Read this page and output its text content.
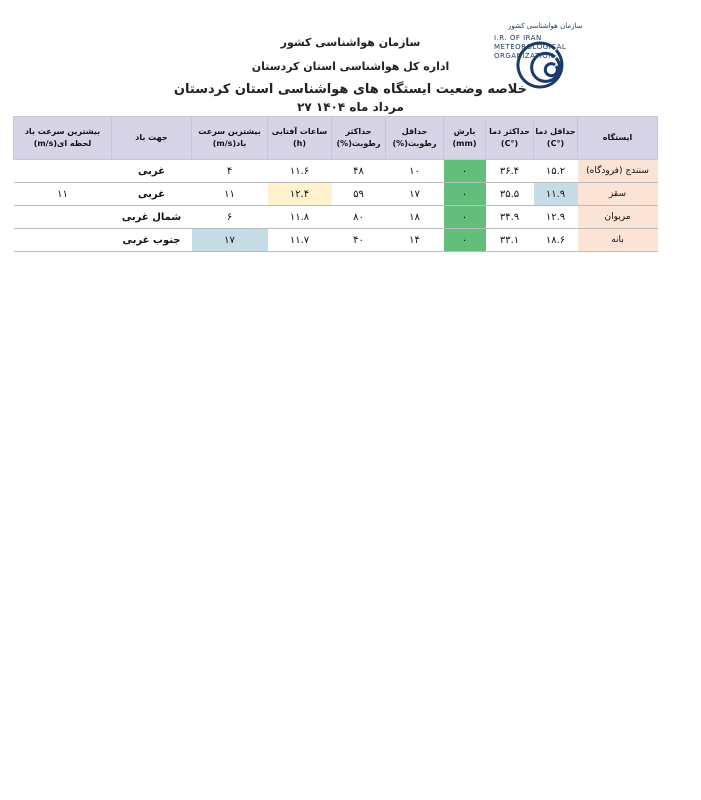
سازمان هواشناسی کشور
I.R. OF IRAN
METEOROLOGICAL
ORGANIZATION
سازمان هواشناسی کشور
اداره کل هواشناسی استان کردستان
خلاصه وضعیت ایستگاه های هواشناسی استان کردستان
۲۷ مرداد ماه ۱۴۰۴
ایستگاه	حداقل دما (°C)	حداکثر دما (°C)	بارش (mm)	حداقل رطوبت(%)	حداکثر رطوبت(%)	ساعات آفتابی (h)	بیشترین سرعت باد(m/s)	جهت باد	بیشترین سرعت باد لحظه ای(m/s)
سنندج (فرودگاه)	۱۵.۲	۳۶.۴	۰	۱۰	۴۸	۱۱.۶	۴	غربی	
سقز	۱۱.۹	۳۵.۵	۰	۱۷	۵۹	۱۲.۴	۱۱	غربی	۱۱
مریوان	۱۲.۹	۳۴.۹	۰	۱۸	۸۰	۱۱.۸	۶	شمال غربی	
بانه	۱۸.۶	۳۳.۱	۰	۱۴	۴۰	۱۱.۷	۱۷	جنوب غربی	
